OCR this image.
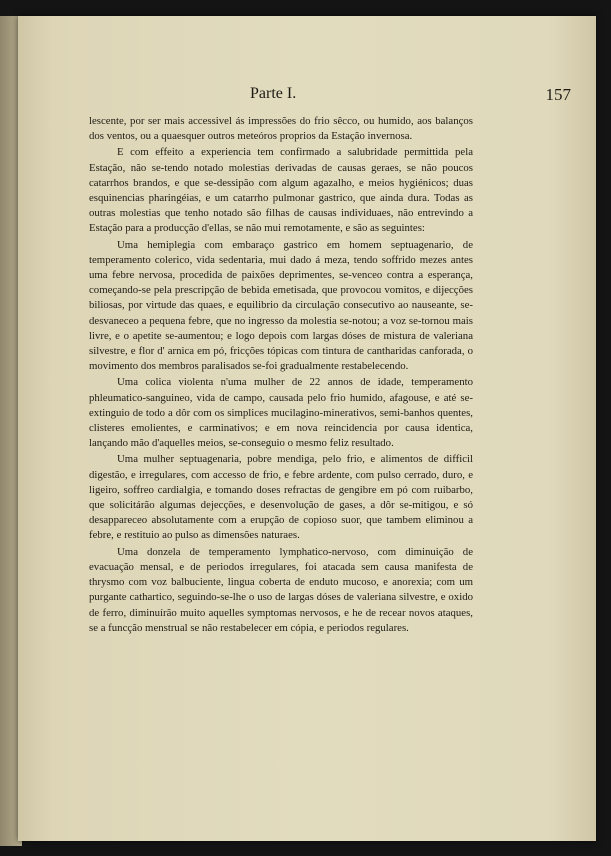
Parte I.	157

lescente, por ser mais accessivel ás impressões do frio sêcco, ou humido, aos balanços dos ventos, ou a quaesquer outros meteóros proprios da Estação invernosa.

E com effeito a experiencia tem confirmado a salubridade permittida pela Estação, não se-tendo notado molestias derivadas de causas geraes, se não poucos catarrhos brandos, e que se-dessipão com algum agazalho, e meios hygiénicos; duas esquinencias pharingéias, e um catarrho pulmonar gastrico, que ainda dura. Todas as outras molestias que tenho notado são filhas de causas individuaes, não entrevindo a Estação para a producção d'ellas, se não mui remotamente, e são as seguintes:

Uma hemiplegia com embaraço gastrico em homem septuagenario, de temperamento colerico, vida sedentaria, mui dado á meza, tendo soffrido mezes antes uma febre nervosa, procedida de paixões deprimentes, se-venceo contra a esperança, começando-se pela prescripção de bebida emetisada, que provocou vomitos, e dijecções biliosas, por virtude das quaes, e equilibrio da circulação consecutivo ao nauseante, se-desvaneceo a pequena febre, que no ingresso da molestia se-notou; a voz se-tornou mais livre, e o apetite se-aumentou; e logo depois com largas dóses de mistura de valeriana silvestre, e flor d' arnica em pó, fricções tópicas com tintura de cantharidas canforada, o movimento dos membros paralisados se-foi gradualmente restabelecendo.

Uma colica violenta n'uma mulher de 22 annos de idade, temperamento phleumatico-sanguineo, vida de campo, causada pelo frio humido, afagouse, e até se-extinguio de todo a dôr com os simplices mucilagino-minerativos, semi-banhos quentes, clisteres emolientes, e carminativos; e em nova reincidencia por causa identica, lançando mão d'aquelles meios, se-conseguio o mesmo feliz resultado.

Uma mulher septuagenaria, pobre mendiga, pelo frio, e alimentos de difficil digestão, e irregulares, com accesso de frio, e febre ardente, com pulso cerrado, duro, e ligeiro, soffreo cardialgia, e tomando doses refractas de gengibre em pó com ruibarbo, que solicitárão algumas dejecções, e desenvolução de gases, a dôr se-mitigou, e só desappareceo absolutamente com a erupção de copioso suor, que tambem eliminou a febre, e restituio ao pulso as dimensões naturaes.

Uma donzela de temperamento lymphatico-nervoso, com diminuição de evacuação mensal, e de periodos irregulares, foi atacada sem causa manifesta de thrysmo com voz balbuciente, lingua coberta de enduto mucoso, e anorexia; com um purgante cathartico, seguindo-se-lhe o uso de largas dóses de valeriana silvestre, e oxido de ferro, diminuírão muito aquelles symptomas nervosos, e he de recear novos ataques, se a funcção menstrual se não restabelecer em cópia, e periodos regulares.
